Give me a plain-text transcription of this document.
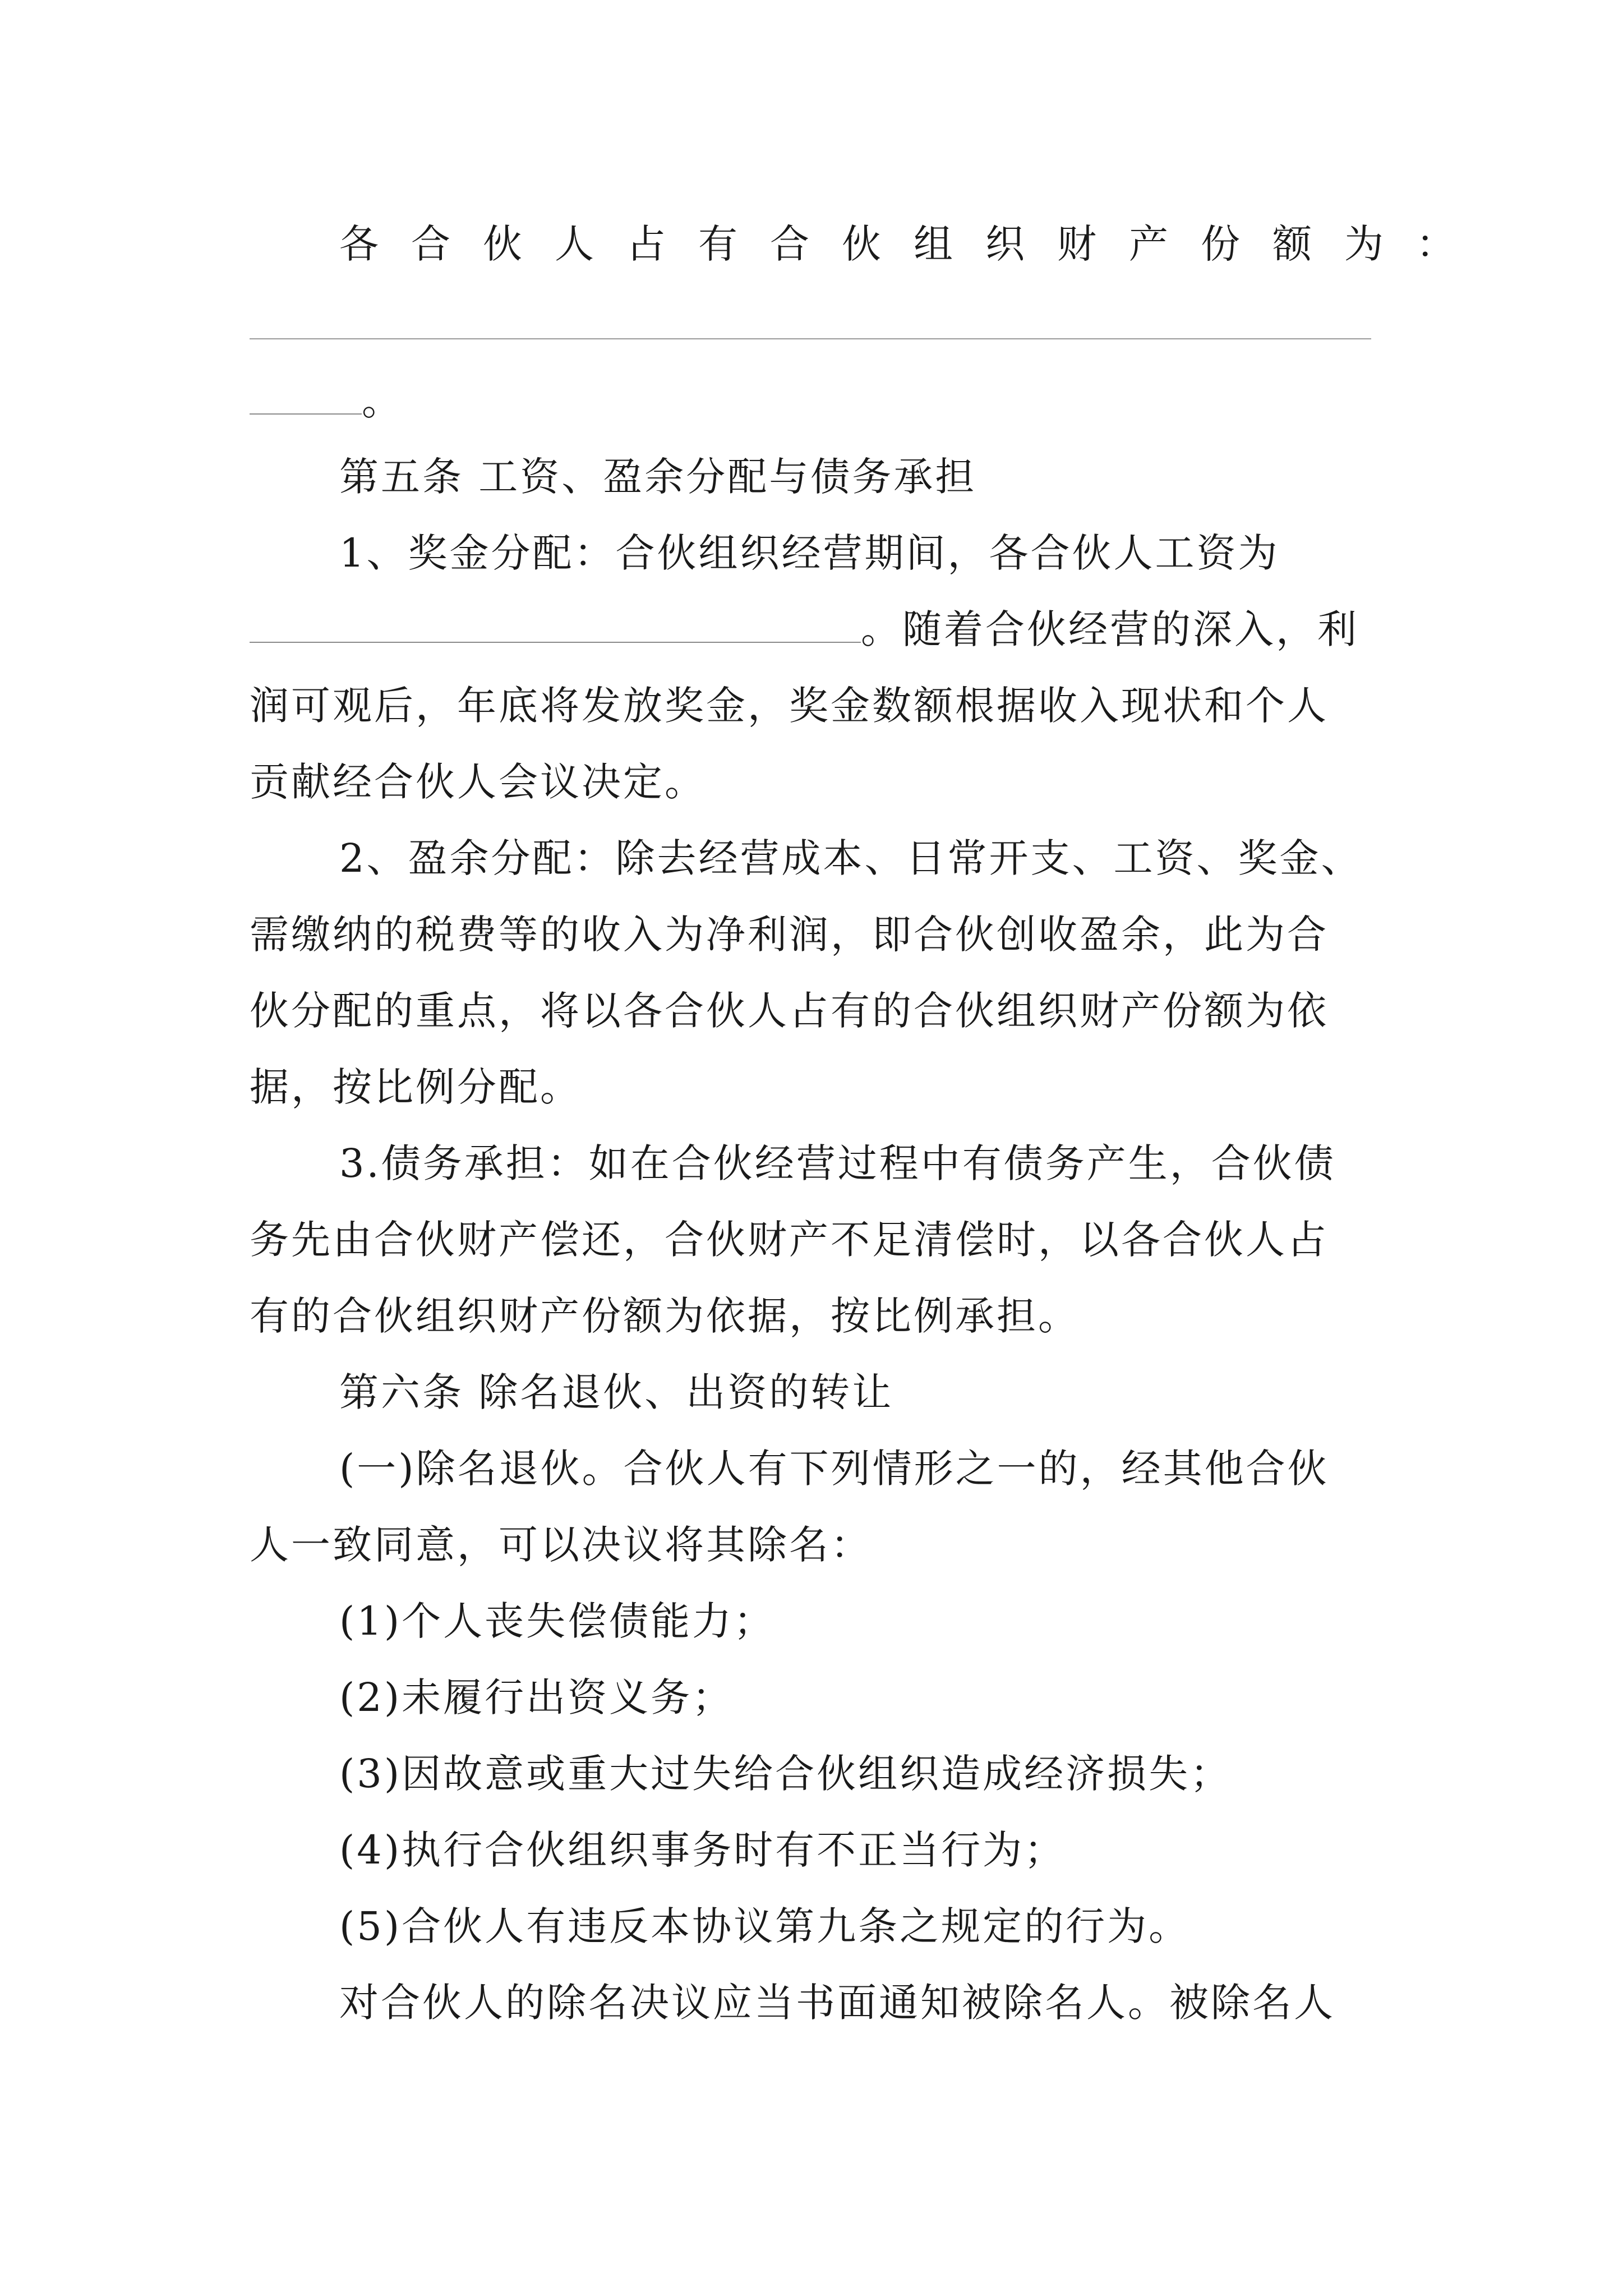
各合伙人占有合伙组织财产份额为：
。
第五条 工资、盈余分配与债务承担
1、奖金分配：合伙组织经营期间，各合伙人工资为
。随着合伙经营的深入，利
润可观后，年底将发放奖金，奖金数额根据收入现状和个人
贡献经合伙人会议决定。
2、盈余分配：除去经营成本、日常开支、工资、奖金、
需缴纳的税费等的收入为净利润，即合伙创收盈余，此为合
伙分配的重点，将以各合伙人占有的合伙组织财产份额为依
据，按比例分配。
3.债务承担：如在合伙经营过程中有债务产生，合伙债
务先由合伙财产偿还，合伙财产不足清偿时，以各合伙人占
有的合伙组织财产份额为依据，按比例承担。
第六条 除名退伙、出资的转让
(一)除名退伙。合伙人有下列情形之一的，经其他合伙
人一致同意，可以决议将其除名：
(1)个人丧失偿债能力；
(2)未履行出资义务；
(3)因故意或重大过失给合伙组织造成经济损失；
(4)执行合伙组织事务时有不正当行为；
(5)合伙人有违反本协议第九条之规定的行为。
对合伙人的除名决议应当书面通知被除名人。被除名人
